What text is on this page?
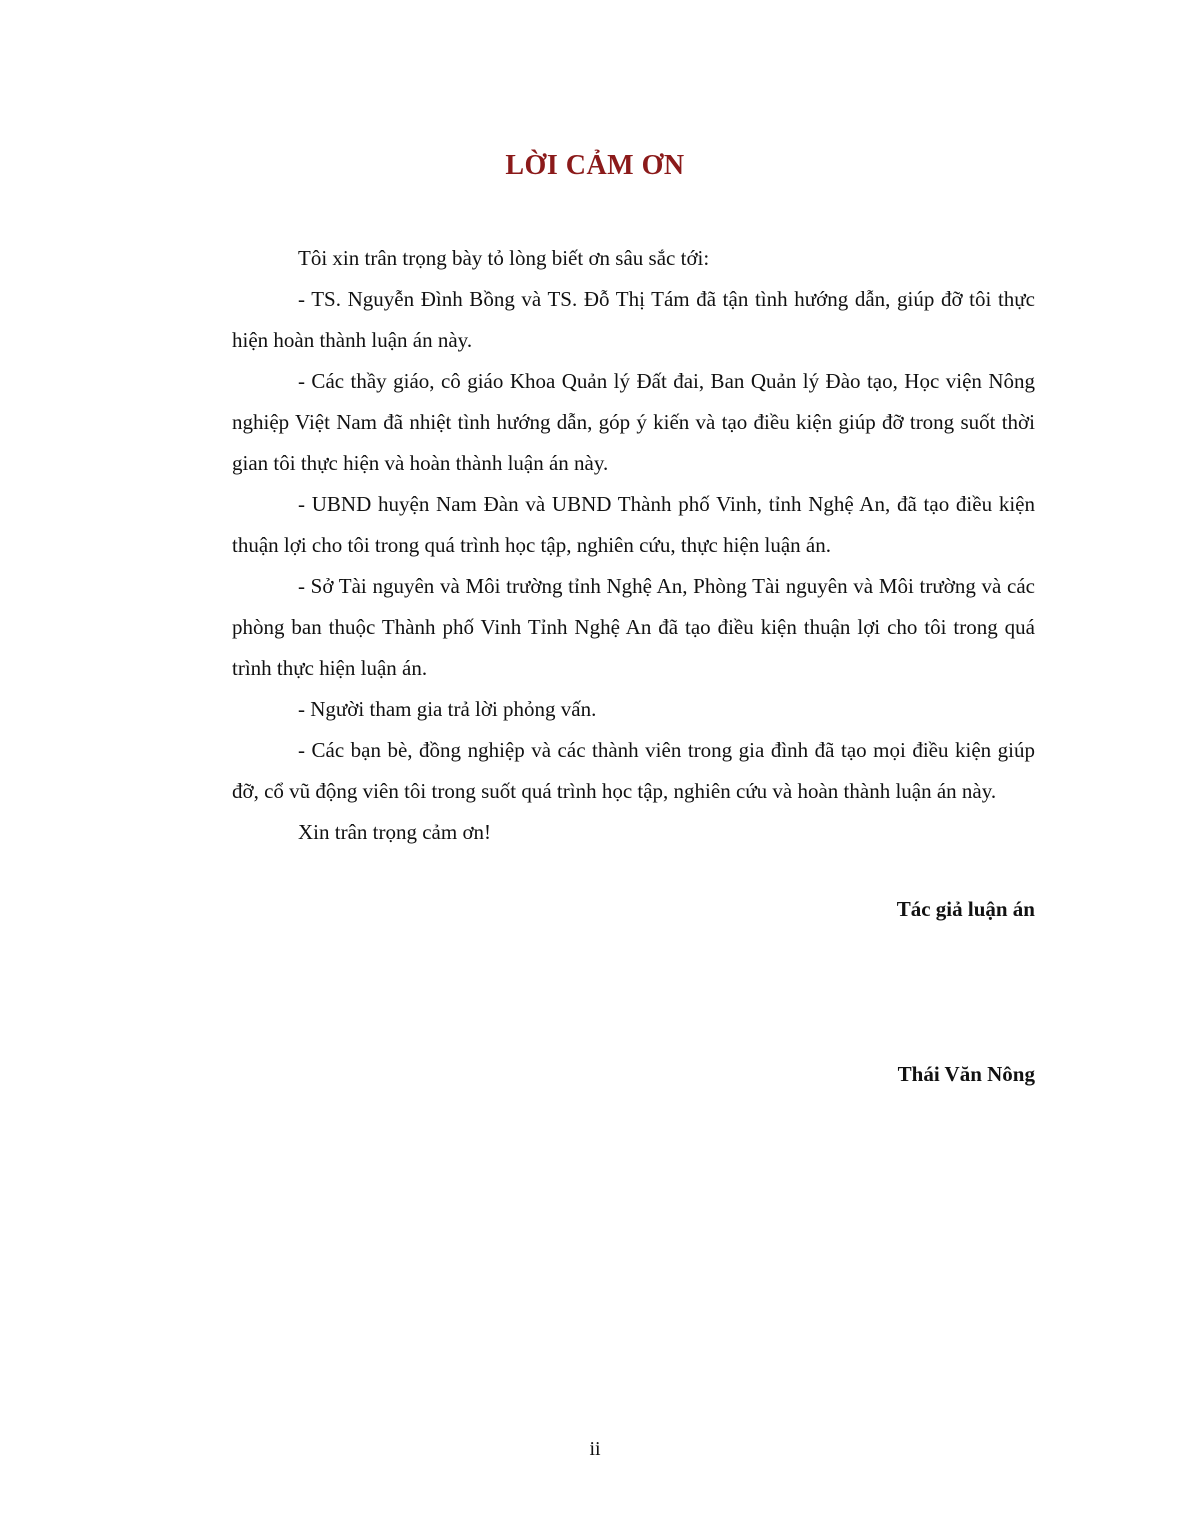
LỜI CẢM ƠN

Tôi xin trân trọng bày tỏ lòng biết ơn sâu sắc tới:

- TS. Nguyễn Đình Bồng và TS. Đỗ Thị Tám đã tận tình hướng dẫn, giúp đỡ tôi thực hiện hoàn thành luận án này.

- Các thầy giáo, cô giáo Khoa Quản lý Đất đai, Ban Quản lý Đào tạo, Học viện Nông nghiệp Việt Nam đã nhiệt tình hướng dẫn, góp ý kiến và tạo điều kiện giúp đỡ trong suốt thời gian tôi thực hiện và hoàn thành luận án này.

- UBND huyện Nam Đàn và UBND Thành phố Vinh, tỉnh Nghệ An, đã tạo điều kiện thuận lợi cho tôi trong quá trình học tập, nghiên cứu, thực hiện luận án.

- Sở Tài nguyên và Môi trường tỉnh Nghệ An, Phòng Tài nguyên và Môi trường và các phòng ban thuộc Thành phố Vinh Tỉnh Nghệ An đã tạo điều kiện thuận lợi cho tôi trong quá trình thực hiện luận án.

- Người tham gia trả lời phỏng vấn.

- Các bạn bè, đồng nghiệp và các thành viên trong gia đình đã tạo mọi điều kiện giúp đỡ, cổ vũ động viên tôi trong suốt quá trình học tập, nghiên cứu và hoàn thành luận án này.

Xin trân trọng cảm ơn!

Tác giả luận án
Thái Văn Nông
ii
